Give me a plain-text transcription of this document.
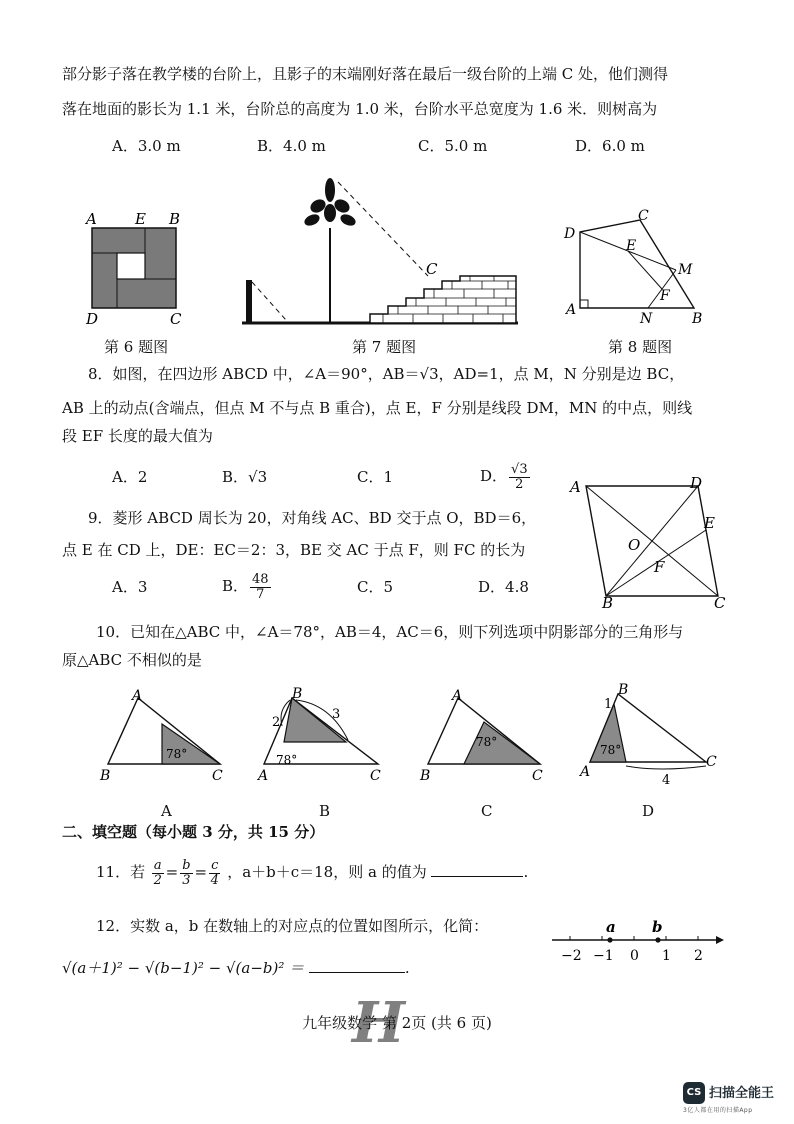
部分影子落在教学楼的台阶上，且影子的末端刚好落在最后一级台阶的上端 C 处，他们测得
落在地面的影长为 1.1 米，台阶总的高度为 1.0 米，台阶水平总宽度为 1.6 米．则树高为
A．3.0 m	B．4.0 m	C．5.0 m	D．6.0 m
A	E B
D	C
第 6 题图
C
第 7 题图
C
D
E
M
F
A
N	B
第 8 题图
8．如图，在四边形 ABCD 中，∠A＝90°，AB＝√3，AD=1，点 M，N 分别是边 BC，
AB 上的动点(含端点，但点 M 不与点 B 重合)，点 E，F 分别是线段 DM，MN 的中点，则线
段 EF 长度的最大值为
A．2	B．√3	C．1	D． $\frac{√3}{2}$	A	D
E
O
F
B	C
9．菱形 ABCD 周长为 20，对角线 AC、BD 交于点 O，BD＝6，
点 E 在 CD 上，DE：EC＝2：3，BE 交 AC 于点 F，则 FC 的长为
A．3	B． $\frac{48}{7}$	C．5	D．4.8
10．已知在△ABC 中，∠A＝78°，AB＝4，AC＝6，则下列选项中阴影部分的三角形与
原△ABC 不相似的是
A
B	C
78°
A
B
2
3
A
78°
C
B
A
B	C
78°
C
B
1
78°
A
C
4
D
二、填空题（每小题 3 分，共 15 分）
11．若 $\frac{a}{2} = \frac{b}{3} = \frac{c}{4}$ ，a＋b＋c＝18，则 a 的值为	.
12．实数 a，b 在数轴上的对应点的位置如图所示，化简：
√(a＋1)² − √(b−1)² − √(a−b)² ＝	.
a b
−2 −1 0 1 2
H
九年级数学 第 2页 (共 6 页)
CS 扫描全能王
3亿人都在用的扫描App
